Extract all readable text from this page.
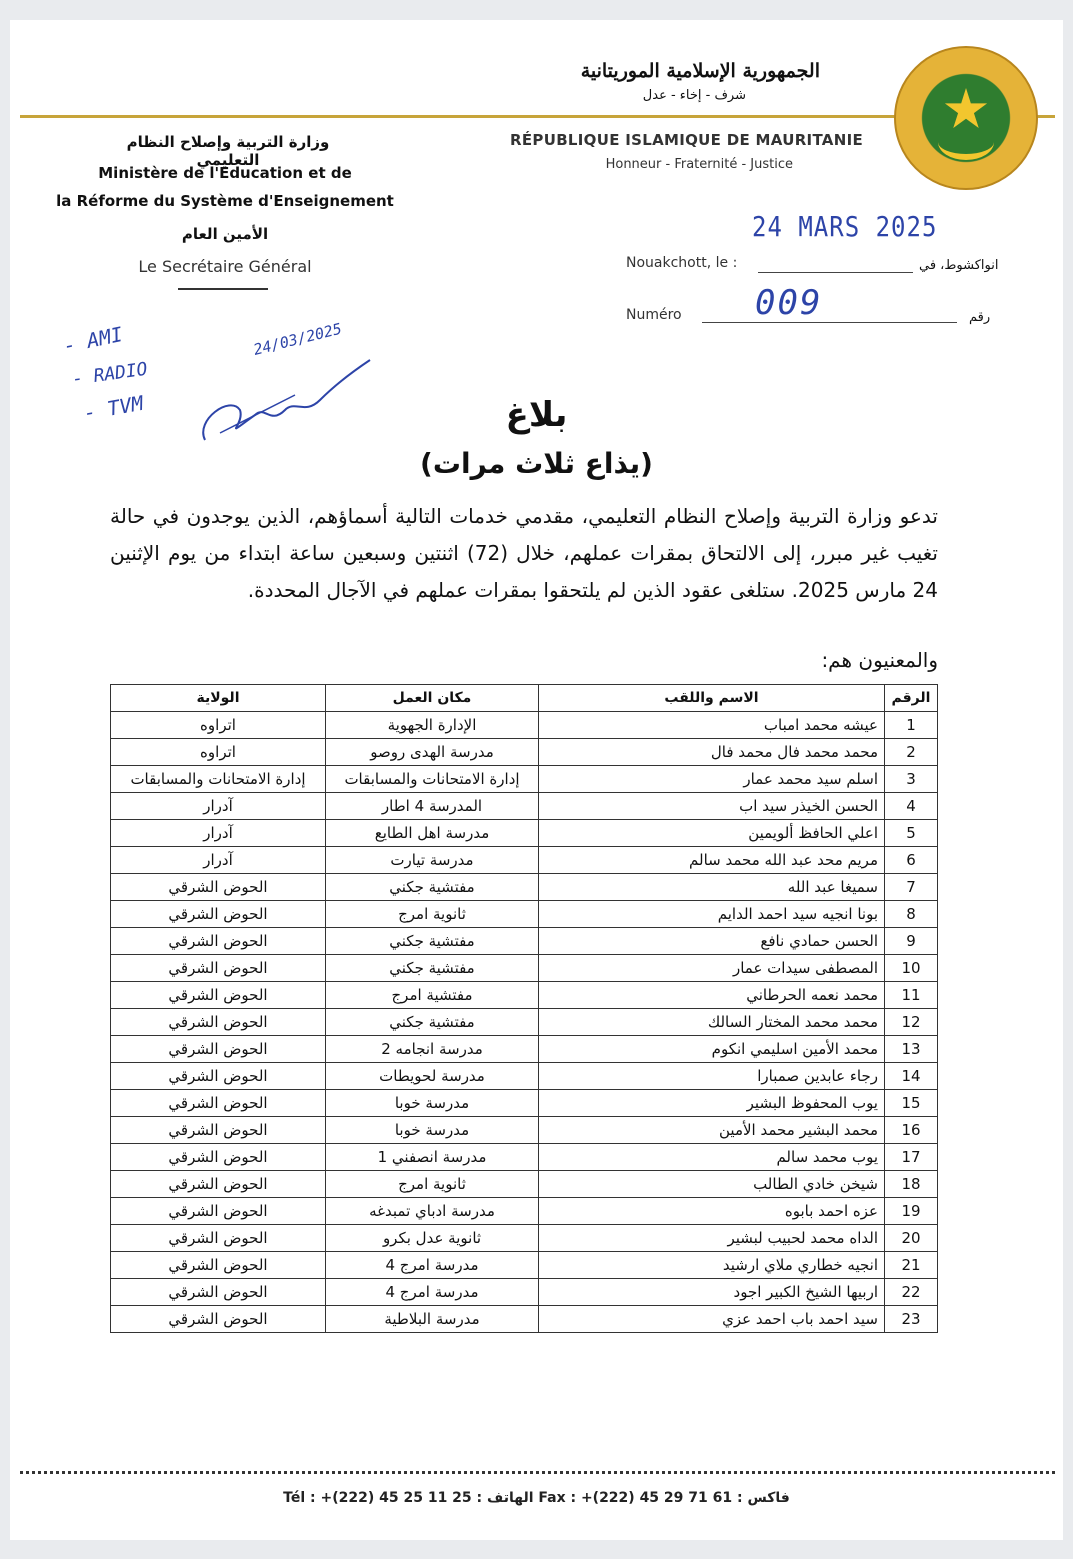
الجمهورية الإسلامية الموريتانية
شرف - إخاء - عدل
RÉPUBLIQUE ISLAMIQUE DE MAURITANIE
Honneur - Fraternité - Justice
وزارة التربية وإصلاح النظام التعليمي
Ministère de l'Education et de
la Réforme du Système d'Enseignement
الأمين العام
Le Secrétaire Général
24 MARS 2025
Nouakchott, le :	انواكشوط، في
Numéro	رقم
009
- AMI
- RADIO
- TVM
24/03/2025
بلاغ
(يذاع ثلاث مرات)
تدعو وزارة التربية وإصلاح النظام التعليمي، مقدمي خدمات التالية أسماؤهم، الذين يوجدون في حالة تغيب غير مبرر، إلى الالتحاق بمقرات عملهم، خلال (72) اثنتين وسبعين ساعة ابتداء من يوم الإثنين 24 مارس 2025. ستلغى عقود الذين لم يلتحقوا بمقرات عملهم في الآجال المحددة.
والمعنيون هم:
الرقم	الاسم واللقب	مكان العمل	الولاية
1	عيشه محمد امباب	الإدارة الجهوية	اتراوه
2	محمد محمد فال محمد فال	مدرسة الهدى روصو	اتراوه
3	اسلم سيد محمد عمار	إدارة الامتحانات والمسابقات	إدارة الامتحانات والمسابقات
4	الحسن الخيذر سيد اب	المدرسة 4 اطار	آدرار
5	اعلي الحافظ ألويمين	مدرسة اهل الطايع	آدرار
6	مريم محد عبد الله محمد سالم	مدرسة تيارت	آدرار
7	سميغا عبد الله	مفتشية جكني	الحوض الشرقي
8	بونا انجيه سيد احمد الدايم	ثانوية امرج	الحوض الشرقي
9	الحسن حمادي نافع	مفتشية جكني	الحوض الشرقي
10	المصطفى سيدات عمار	مفتشية جكني	الحوض الشرقي
11	محمد نعمه الحرطاني	مفتشية امرج	الحوض الشرقي
12	محمد محمد المختار السالك	مفتشية جكني	الحوض الشرقي
13	محمد الأمين اسليمي انكوم	مدرسة انجامه 2	الحوض الشرقي
14	رجاء عابدين صمبارا	مدرسة لحويطات	الحوض الشرقي
15	يوب المحفوظ البشير	مدرسة خوبا	الحوض الشرقي
16	محمد البشير محمد الأمين	مدرسة خوبا	الحوض الشرقي
17	يوب محمد سالم	مدرسة انصفني 1	الحوض الشرقي
18	شيخن خادي الطالب	ثانوية امرج	الحوض الشرقي
19	عزه احمد بابوه	مدرسة ادباي تمبدغه	الحوض الشرقي
20	الداه محمد لحبيب لبشير	ثانوية عدل بكرو	الحوض الشرقي
21	انجيه خطاري ملاي ارشيد	مدرسة امرج 4	الحوض الشرقي
22	اربيها الشيخ الكبير اجود	مدرسة امرج 4	الحوض الشرقي
23	سيد احمد باب احمد عزي	مدرسة البلاطية	الحوض الشرقي
Tél : +(222) 45 25 11 25 : الهاتف Fax : +(222) 45 29 71 61 : فاكس
